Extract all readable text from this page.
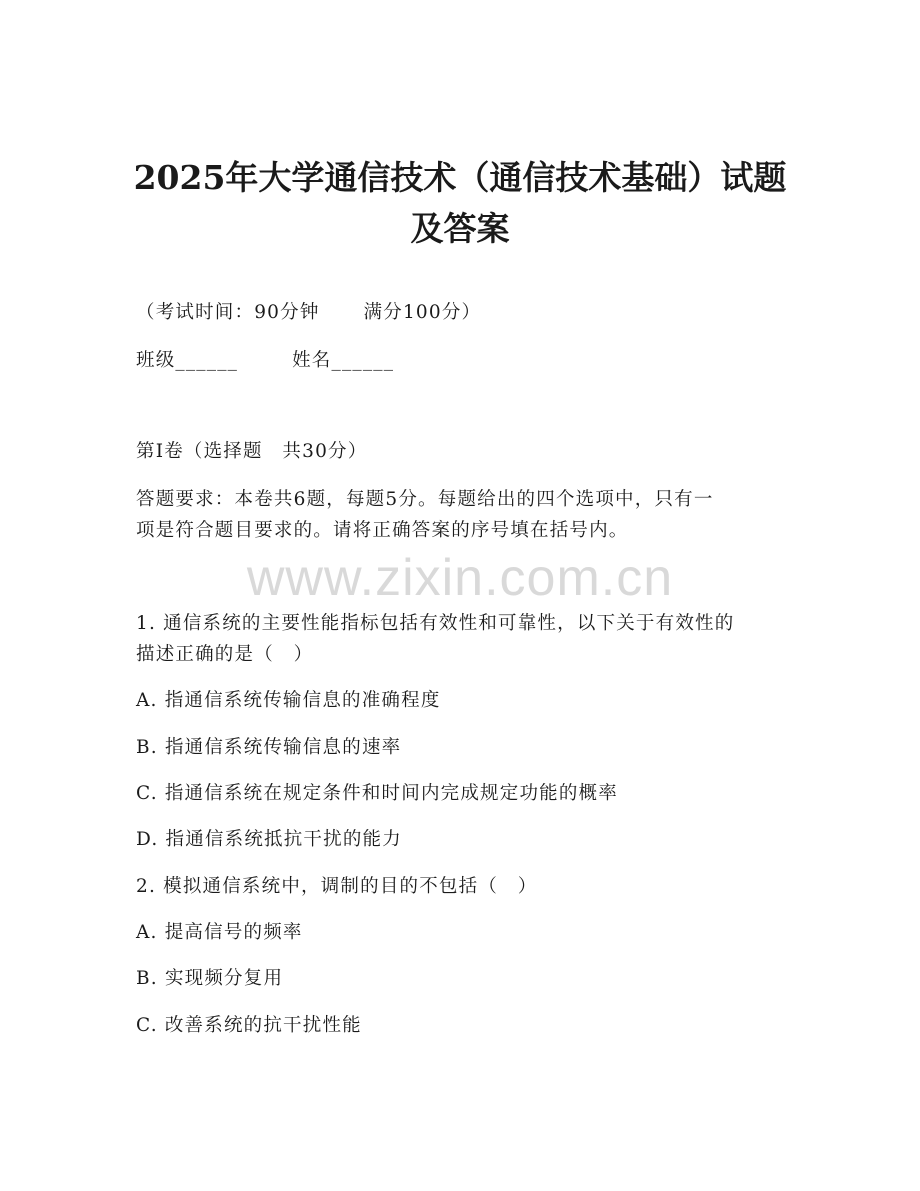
2025年大学通信技术（通信技术基础）试题
及答案

（考试时间：90分钟 满分100分）

班级______	姓名______

第Ⅰ卷（选择题　共30分）

答题要求：本卷共6题，每题5分。每题给出的四个选项中，只有一

项是符合题目要求的。请将正确答案的序号填在括号内。

www.zixin.com.cn

1. 通信系统的主要性能指标包括有效性和可靠性，以下关于有效性的

描述正确的是（　）

A. 指通信系统传输信息的准确程度

B. 指通信系统传输信息的速率

C. 指通信系统在规定条件和时间内完成规定功能的概率

D. 指通信系统抵抗干扰的能力

2. 模拟通信系统中，调制的目的不包括（　）

A. 提高信号的频率

B. 实现频分复用

C. 改善系统的抗干扰性能
